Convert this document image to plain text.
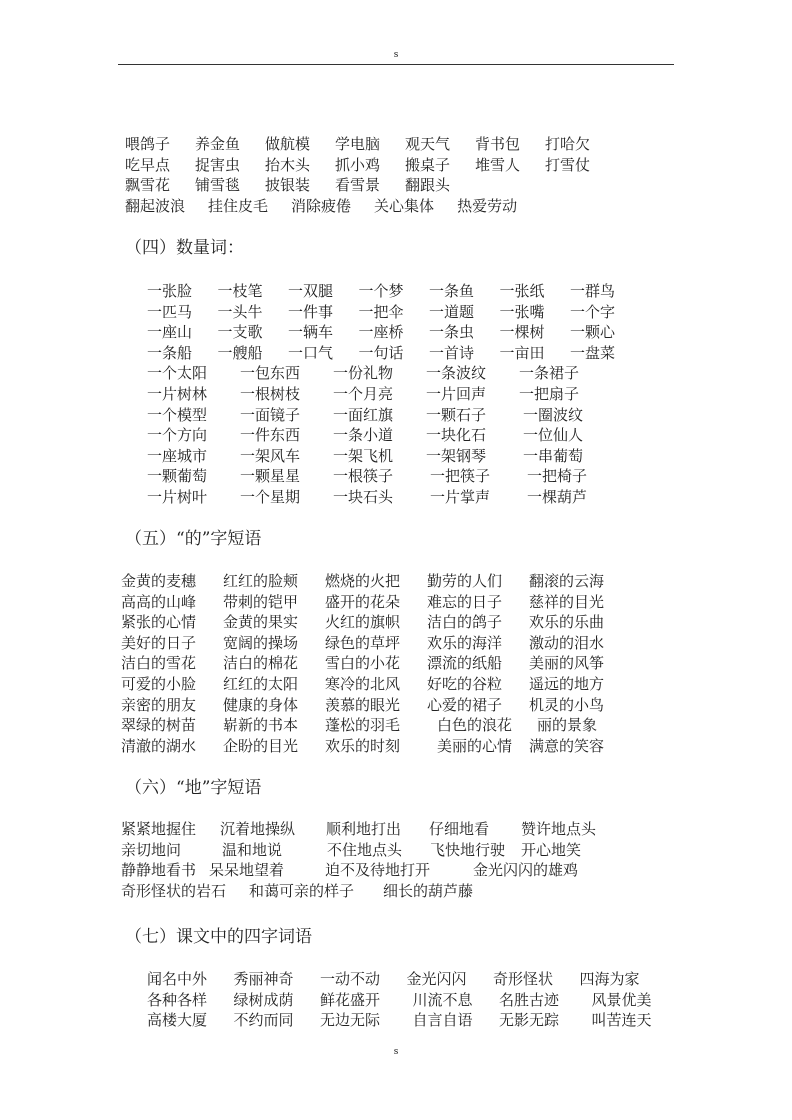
s
喂鸽子 养金鱼 做航模 学电脑 观天气 背书包 打哈欠
吃早点 捉害虫 抬木头 抓小鸡 搬桌子 堆雪人 打雪仗
飘雪花 铺雪毯 披银装 看雪景 翻跟头
翻起波浪 挂住皮毛 消除疲倦 关心集体 热爱劳动
（四）数量词：
一张脸 一枝笔 一双腿 一个梦 一条鱼 一张纸 一群鸟
一匹马 一头牛 一件事 一把伞 一道题 一张嘴 一个字
一座山 一支歌 一辆车 一座桥 一条虫 一棵树 一颗心
一条船 一艘船 一口气 一句话 一首诗 一亩田 一盘菜
一个太阳 一包东西 一份礼物 一条波纹 一条裙子
一片树林 一根树枝 一个月亮 一片回声 一把扇子
一个模型 一面镜子 一面红旗 一颗石子 一圈波纹
一个方向 一件东西 一条小道 一块化石 一位仙人
一座城市 一架风车 一架飞机 一架钢琴 一串葡萄
一颗葡萄 一颗星星 一根筷子 一把筷子 一把椅子
一片树叶 一个星期 一块石头 一片掌声 一棵葫芦
（五）“的”字短语
金黄的麦穗 红红的脸颊 燃烧的火把 勤劳的人们 翻滚的云海
高高的山峰 带刺的铠甲 盛开的花朵 难忘的日子 慈祥的目光
紧张的心情 金黄的果实 火红的旗帜 洁白的鸽子 欢乐的乐曲
美好的日子 宽阔的操场 绿色的草坪 欢乐的海洋 激动的泪水
洁白的雪花 洁白的棉花 雪白的小花 漂流的纸船 美丽的风筝
可爱的小脸 红红的太阳 寒冷的北风 好吃的谷粒 遥远的地方
亲密的朋友 健康的身体 羡慕的眼光 心爱的裙子 机灵的小鸟
翠绿的树苗 崭新的书本 蓬松的羽毛 白色的浪花 丽的景象
清澈的湖水 企盼的目光 欢乐的时刻 美丽的心情 满意的笑容
（六）“地”字短语
紧紧地握住 沉着地操纵 顺利地打出 仔细地看 赞许地点头
亲切地问	温和地说	不住地点头 飞快地行驶 开心地笑
静静地看书 呆呆地望着	迫不及待地打开	金光闪闪的雄鸡
奇形怪状的岩石 和蔼可亲的样子 细长的葫芦藤
（七）课文中的四字词语
闻名中外 秀丽神奇 一动不动 金光闪闪 奇形怪状 四海为家
各种各样 绿树成荫 鲜花盛开 川流不息 名胜古迹 风景优美
高楼大厦 不约而同 无边无际 自言自语 无影无踪 叫苦连天
s
